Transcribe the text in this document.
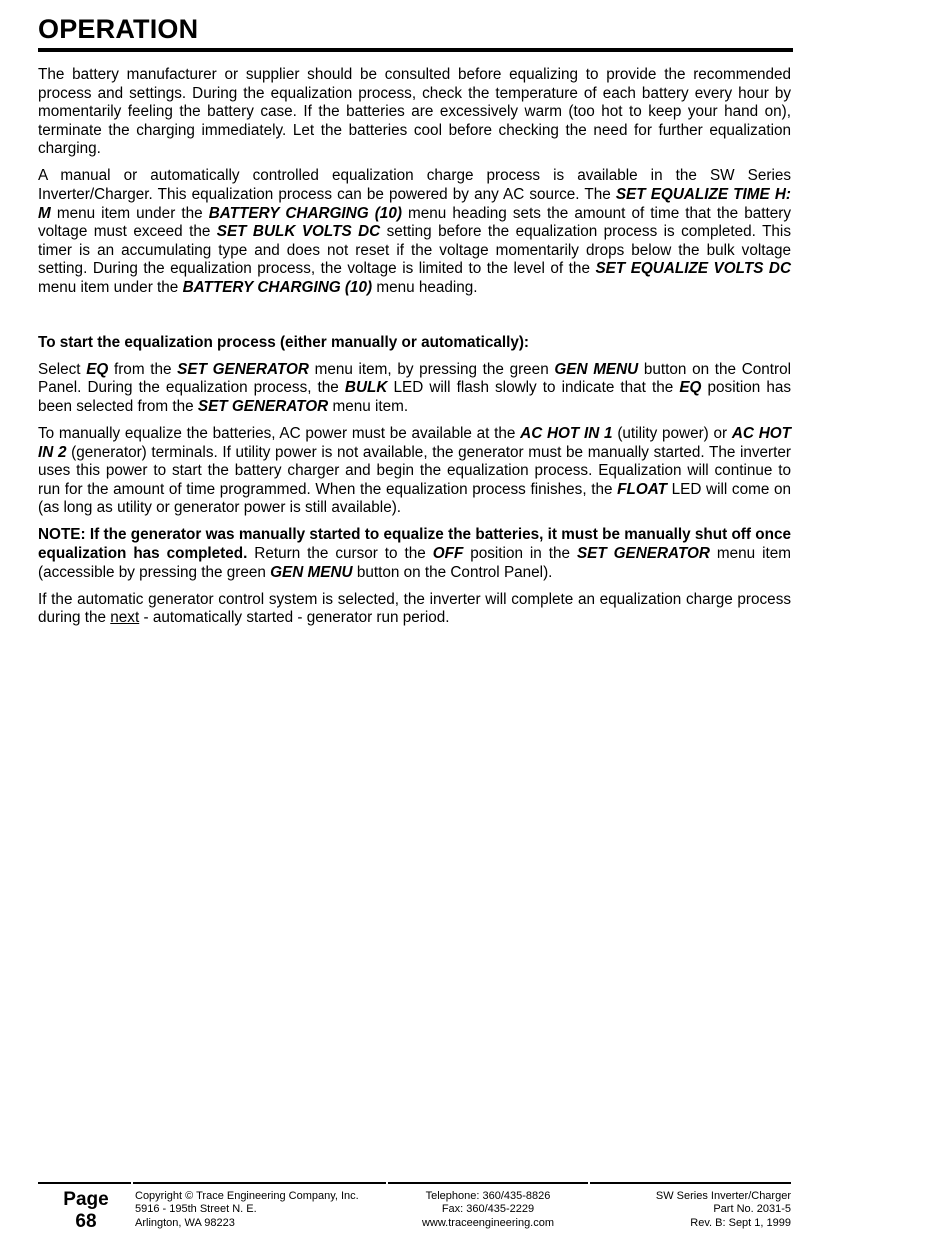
OPERATION

The battery manufacturer or supplier should be consulted before equalizing to provide the recommended process and settings. During the equalization process, check the temperature of each battery every hour by momentarily feeling the battery case. If the batteries are excessively warm (too hot to keep your hand on), terminate the charging immediately. Let the batteries cool before checking the need for further equalization charging.

A manual or automatically controlled equalization charge process is available in the SW Series Inverter/Charger. This equalization process can be powered by any AC source. The SET EQUALIZE TIME H: M menu item under the BATTERY CHARGING (10) menu heading sets the amount of time that the battery voltage must exceed the SET BULK VOLTS DC setting before the equalization process is completed. This timer is an accumulating type and does not reset if the voltage momentarily drops below the bulk voltage setting. During the equalization process, the voltage is limited to the level of the SET EQUALIZE VOLTS DC menu item under the BATTERY CHARGING (10) menu heading.

To start the equalization process (either manually or automatically):

Select EQ from the SET GENERATOR menu item, by pressing the green GEN MENU button on the Control Panel. During the equalization process, the BULK LED will flash slowly to indicate that the EQ position has been selected from the SET GENERATOR menu item.

To manually equalize the batteries, AC power must be available at the AC HOT IN 1 (utility power) or AC HOT IN 2 (generator) terminals. If utility power is not available, the generator must be manually started. The inverter uses this power to start the battery charger and begin the equalization process. Equalization will continue to run for the amount of time programmed. When the equalization process finishes, the FLOAT LED will come on (as long as utility or generator power is still available).

NOTE: If the generator was manually started to equalize the batteries, it must be manually shut off once equalization has completed. Return the cursor to the OFF position in the SET GENERATOR menu item (accessible by pressing the green GEN MENU button on the Control Panel).

If the automatic generator control system is selected, the inverter will complete an equalization charge process during the next - automatically started - generator run period.

Page
68
Copyright © Trace Engineering Company, Inc.
5916 - 195th Street N. E.
Arlington, WA 98223
Telephone: 360/435-8826
Fax: 360/435-2229
www.traceengineering.com
SW Series Inverter/Charger
Part No. 2031-5
Rev. B: Sept 1, 1999
